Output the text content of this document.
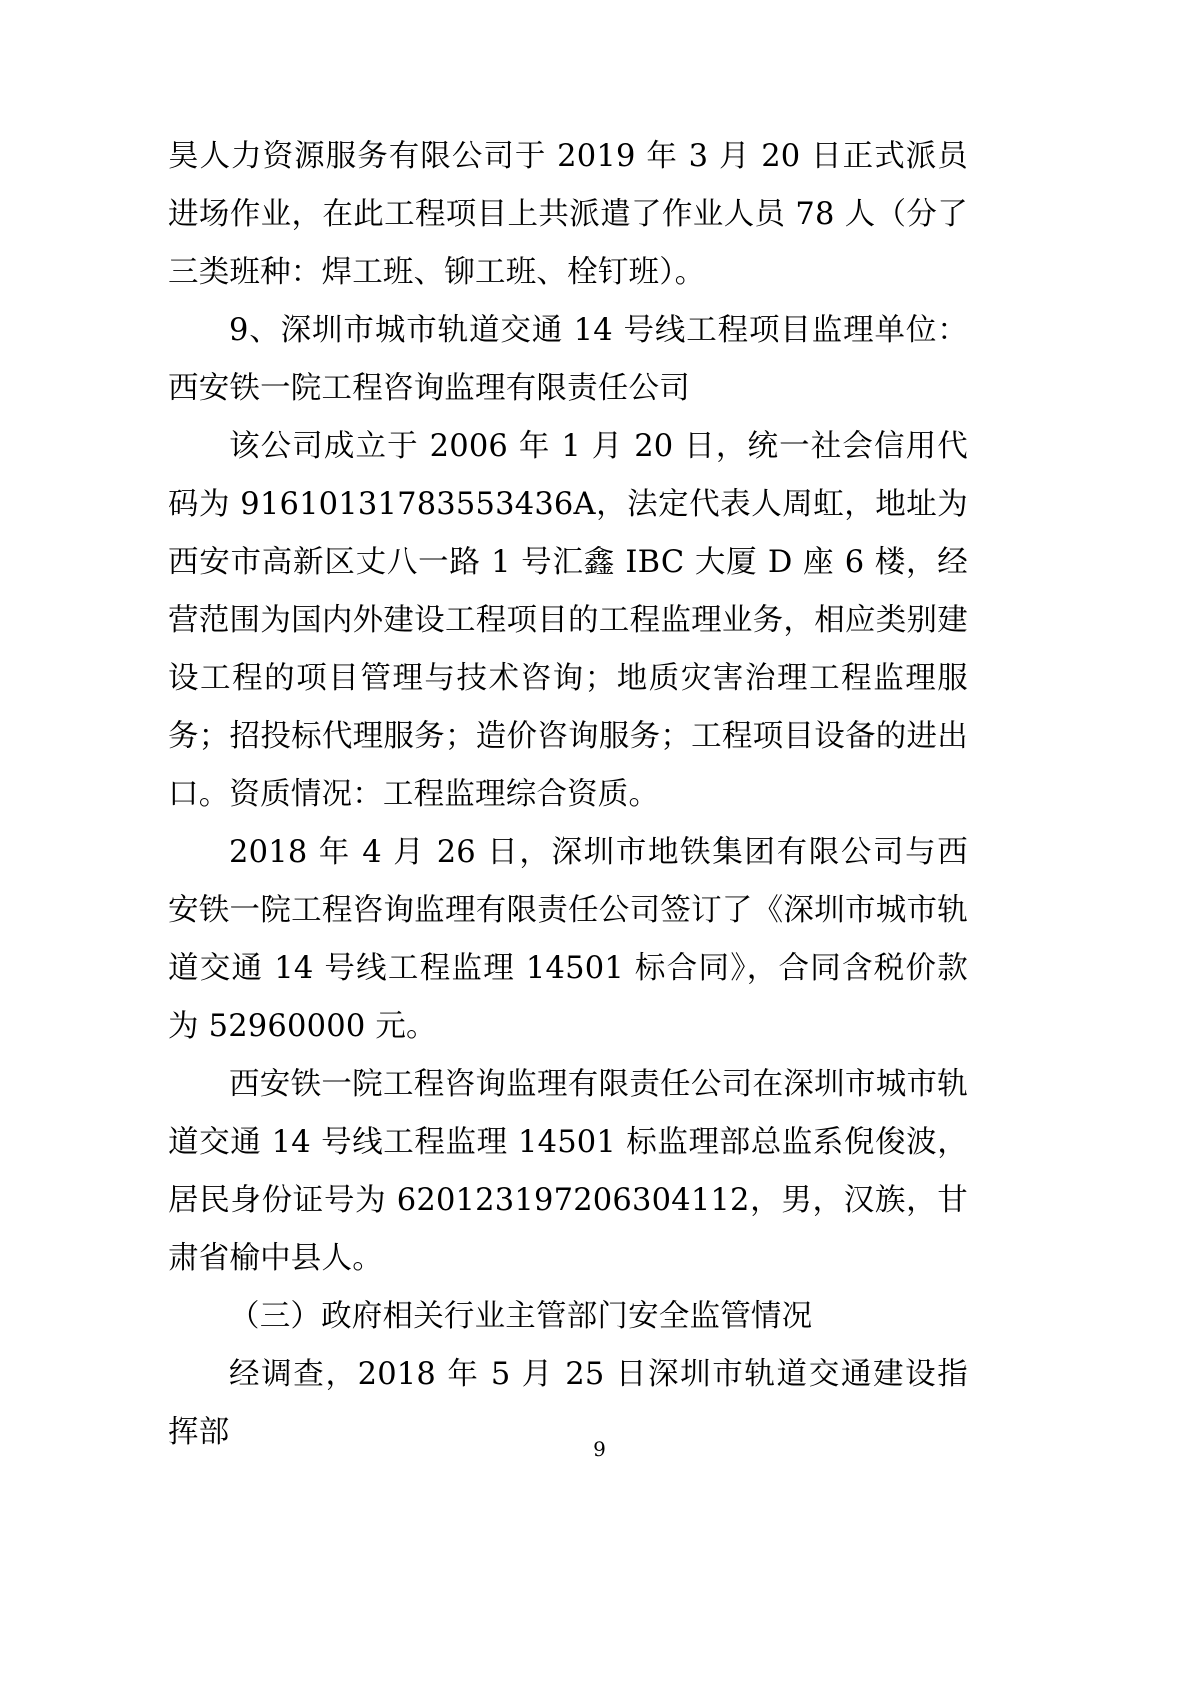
昊人力资源服务有限公司于 2019 年 3 月 20 日正式派员进场作业，在此工程项目上共派遣了作业人员 78 人（分了三类班种：焊工班、铆工班、栓钉班）。

9、深圳市城市轨道交通 14 号线工程项目监理单位：西安铁一院工程咨询监理有限责任公司

该公司成立于 2006 年 1 月 20 日，统一社会信用代码为 91610131783553436A，法定代表人周虹，地址为西安市高新区丈八一路 1 号汇鑫 IBC 大厦 D 座 6 楼，经营范围为国内外建设工程项目的工程监理业务，相应类别建设工程的项目管理与技术咨询；地质灾害治理工程监理服务；招投标代理服务；造价咨询服务；工程项目设备的进出口。资质情况：工程监理综合资质。

2018 年 4 月 26 日，深圳市地铁集团有限公司与西安铁一院工程咨询监理有限责任公司签订了《深圳市城市轨道交通 14 号线工程监理 14501 标合同》，合同含税价款为 52960000 元。

西安铁一院工程咨询监理有限责任公司在深圳市城市轨道交通 14 号线工程监理 14501 标监理部总监系倪俊波，居民身份证号为 620123197206304112，男，汉族，甘肃省榆中县人。

（三）政府相关行业主管部门安全监管情况

经调查，2018 年 5 月 25 日深圳市轨道交通建设指挥部	9
